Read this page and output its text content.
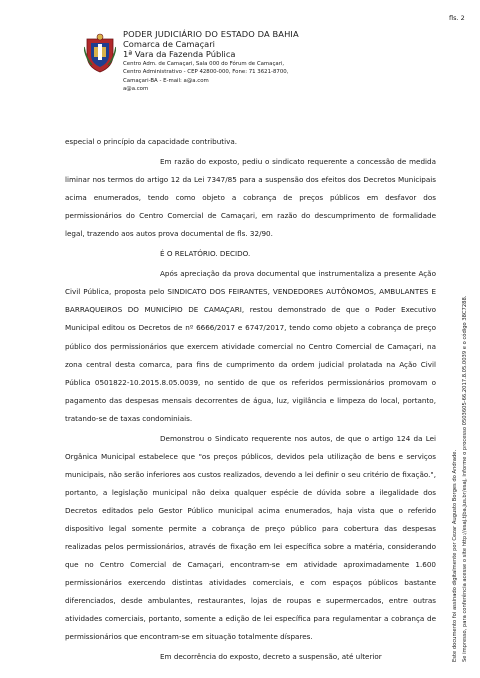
fls. 2
PODER JUDICIÁRIO DO ESTADO DA BAHIA
Comarca de Camaçari
1ª Vara da Fazenda Pública
Centro Adm. de Camaçari, Sala 000 do Fórum de Camaçari,
Centro Administrativo - CEP 42800-000, Fone: 71 3621-8700,
Camaçari-BA - E-mail: a@a.com
a@a.com

especial o princípio da capacidade contributiva.

Em razão do exposto, pediu o sindicato requerente a concessão de medida liminar nos termos do artigo 12 da Lei 7347/85 para a suspensão dos efeitos dos Decretos Municipais acima enumerados, tendo como objeto a cobrança de preços públicos em desfavor dos permissionários do Centro Comercial de Camaçari, em razão do descumprimento de formalidade legal, trazendo aos autos prova documental de fls. 32/90.

É O RELATÓRIO. DECIDO.

Após apreciação da prova documental que instrumentaliza a presente Ação Civil Pública, proposta pelo SINDICATO DOS FEIRANTES, VENDEDORES AUTÔNOMOS, AMBULANTES E BARRAQUEIROS DO MUNICÍPIO DE CAMAÇARI, restou demonstrado de que o Poder Executivo Municipal editou os Decretos de nº 6666/2017 e 6747/2017, tendo como objeto a cobrança de preço público dos permissionários que exercem atividade comercial no Centro Comercial de Camaçari, na zona central desta comarca, para fins de cumprimento da ordem judicial prolatada na Ação Civil Pública 0501822-10.2015.8.05.0039, no sentido de que os referidos permissionários promovam o pagamento das despesas mensais decorrentes de água, luz, vigilância e limpeza do local, portanto, tratando-se de taxas condominiais.

Demonstrou o Sindicato requerente nos autos, de que o artigo 124 da Lei Orgânica Municipal estabelece que "os preços públicos, devidos pela utilização de bens e serviços municipais, não serão inferiores aos custos realizados, devendo a lei definir o seu critério de fixação.", portanto, a legislação municipal não deixa qualquer espécie de dúvida sobre a ilegalidade dos Decretos editados pelo Gestor Público municipal acima enumerados, haja vista que o referido dispositivo legal somente permite a cobrança de preço público para cobertura das despesas realizadas pelos permissionários, através de fixação em lei específica sobre a matéria, considerando que no Centro Comercial de Camaçari, encontram-se em atividade aproximadamente 1.600 permissionários exercendo distintas atividades comerciais, e com espaços públicos bastante diferenciados, desde ambulantes, restaurantes, lojas de roupas e supermercados, entre outras atividades comerciais, portanto, somente a edição de lei específica para regulamentar a cobrança de permissionários que encontram-se em situação totalmente díspares.

Em decorrência do exposto, decreto a suspensão, até ulterior	Este documento foi assinado digitalmente por Cezar Augusto Borges do Andrade. Se impresso, para conferência acesse o site http://esaj.tjba.jus.br/esaj, informe o processo 0503605-66.2017.8.05.0039 e o código 38C7288.
